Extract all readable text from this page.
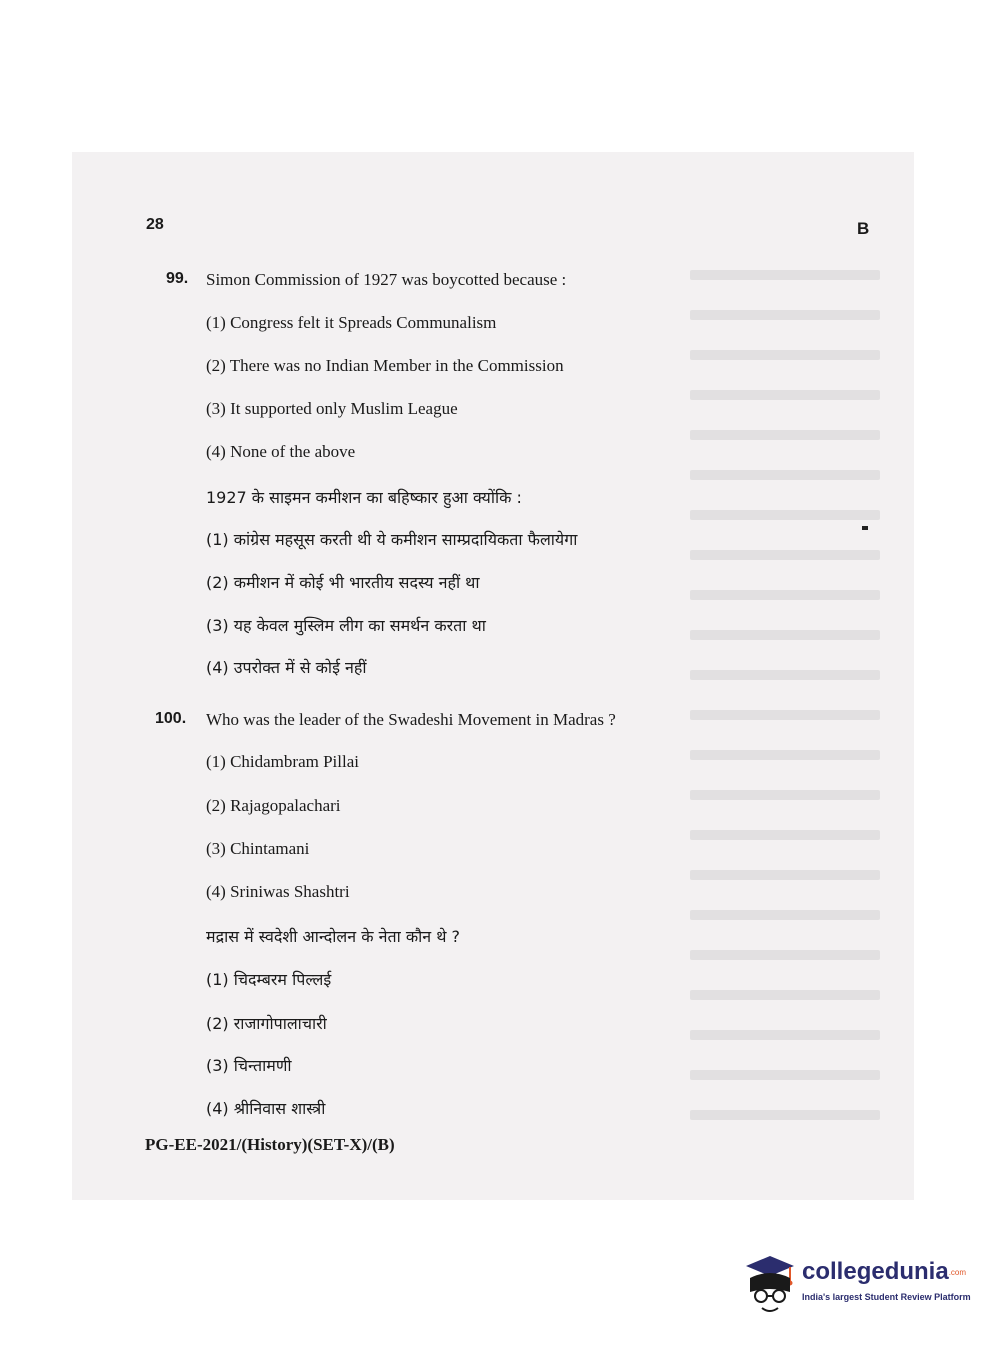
28	B
99. Simon Commission of 1927 was boycotted because :
(1) Congress felt it Spreads Communalism
(2) There was no Indian Member in the Commission
(3) It supported only Muslim League
(4) None of the above
1927 के साइमन कमीशन का बहिष्कार हुआ क्योंकि :
(1) कांग्रेस महसूस करती थी ये कमीशन साम्प्रदायिकता फैलायेगा
(2) कमीशन में कोई भी भारतीय सदस्य नहीं था
(3) यह केवल मुस्लिम लीग का समर्थन करता था
(4) उपरोक्त में से कोई नहीं
100. Who was the leader of the Swadeshi Movement in Madras ?
(1) Chidambram Pillai
(2) Rajagopalachari
(3) Chintamani
(4) Sriniwas Shashtri
मद्रास में स्वदेशी आन्दोलन के नेता कौन थे ?
(1) चिदम्बरम पिल्लई
(2) राजागोपालाचारी
(3) चिन्तामणी
(4) श्रीनिवास शास्त्री
PG-EE-2021/(History)(SET-X)/(B)
collegedunia.com
India's largest Student Review Platform
